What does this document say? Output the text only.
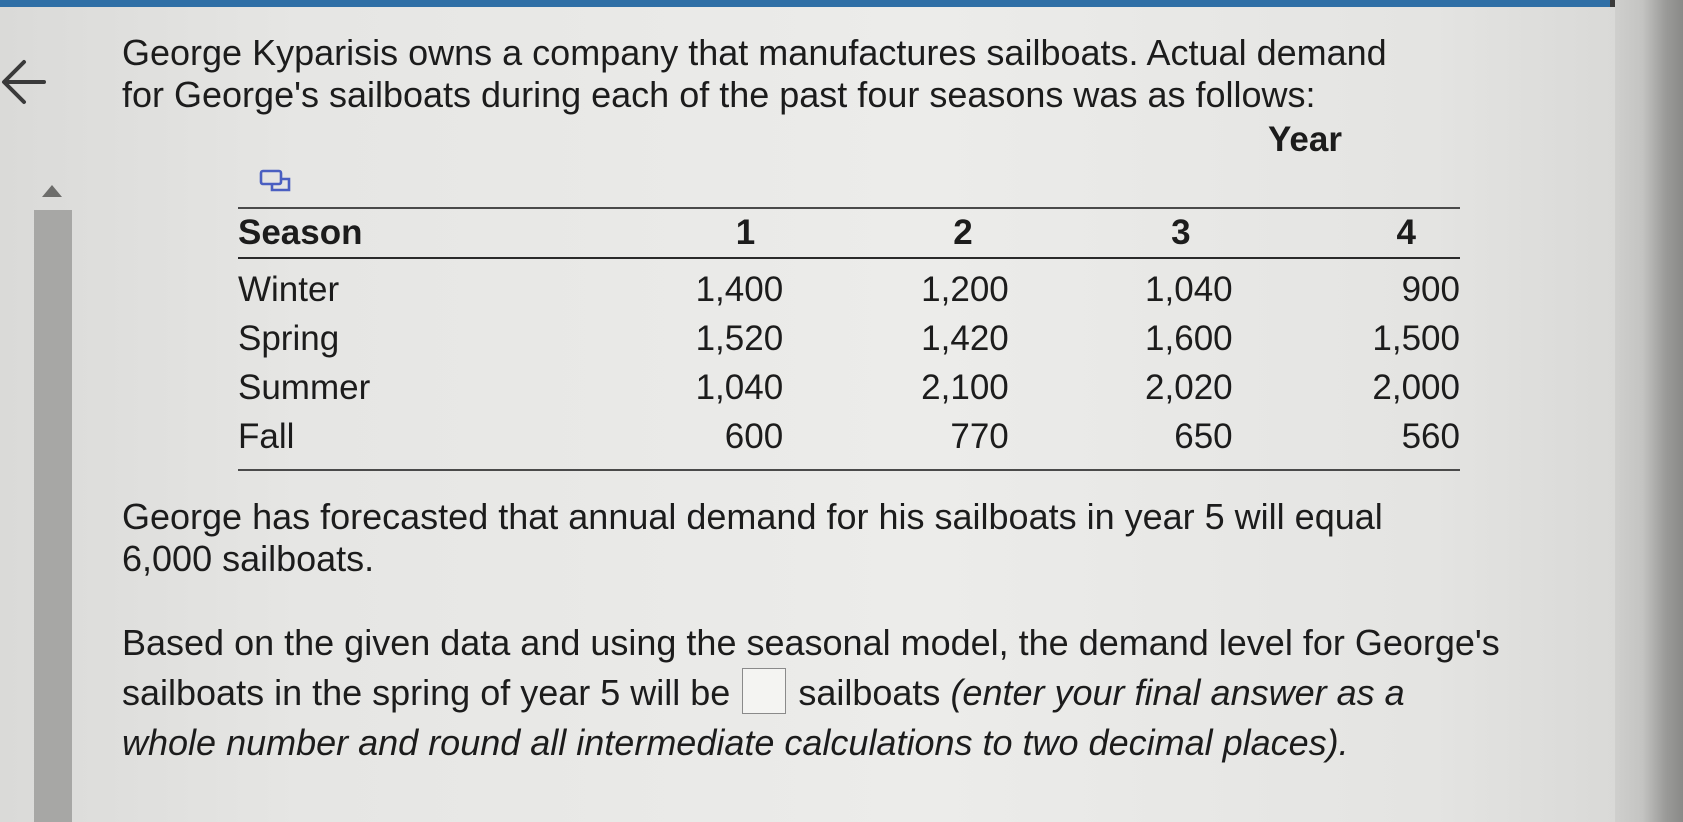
George Kyparisis owns a company that manufactures sailboats. Actual demand for George's sailboats during each of the past four seasons was as follows:

Year

Season	1	2	3	4
Winter	1,400	1,200	1,040	900
Spring	1,520	1,420	1,600	1,500
Summer	1,040	2,100	2,020	2,000
Fall	600	770	650	560

George has forecasted that annual demand for his sailboats in year 5 will equal 6,000 sailboats.

Based on the given data and using the seasonal model, the demand level for George's sailboats in the spring of year 5 will be sailboats (enter your final answer as a whole number and round all intermediate calculations to two decimal places).
